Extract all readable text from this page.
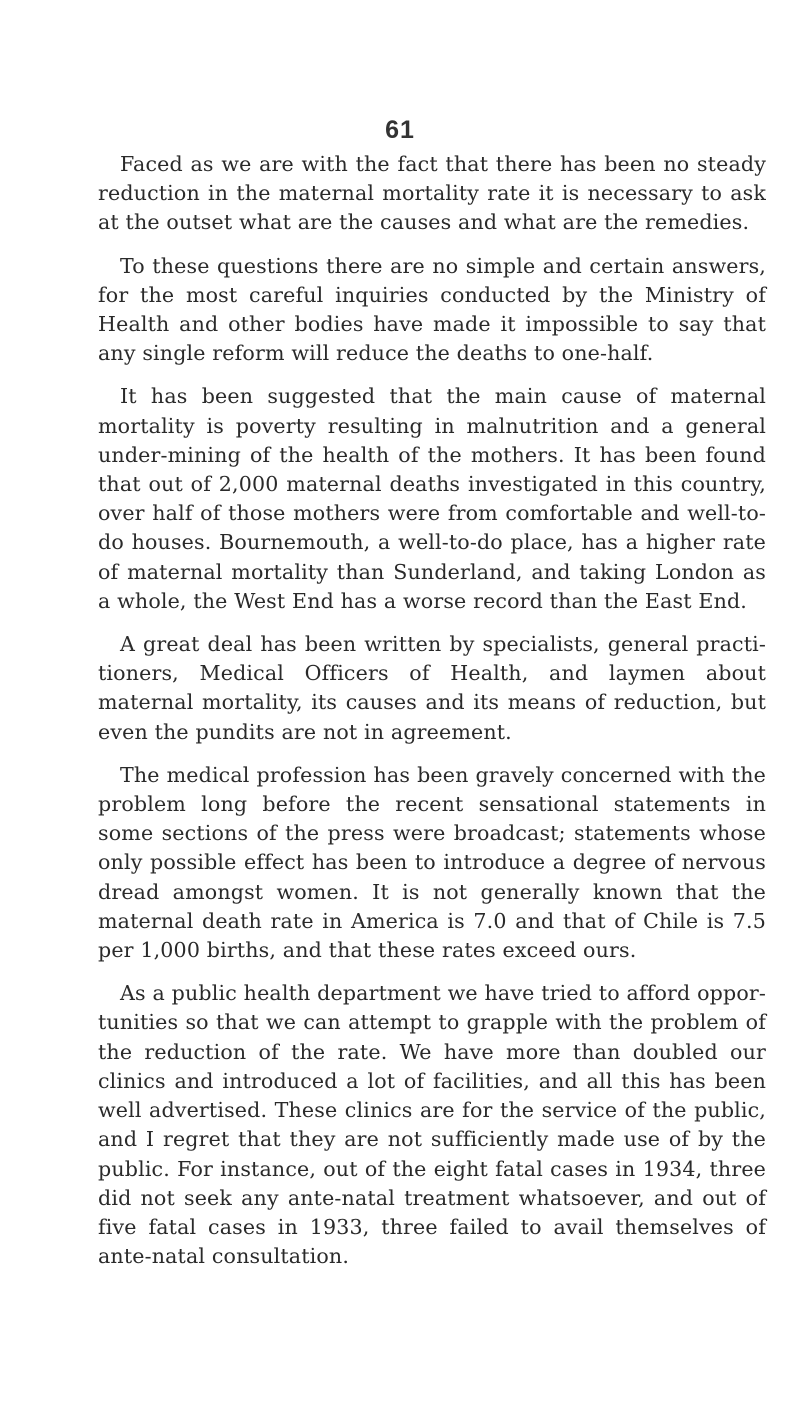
61

Faced as we are with the fact that there has been no steady reduction in the maternal mortality rate it is necessary to ask at the outset what are the causes and what are the remedies.

To these questions there are no simple and certain answers, for the most careful inquiries conducted by the Ministry of Health and other bodies have made it impossible to say that any single reform will reduce the deaths to one-half.

It has been suggested that the main cause of maternal mortality is poverty resulting in malnutrition and a general under-mining of the health of the mothers. It has been found that out of 2,000 maternal deaths investigated in this country, over half of those mothers were from comfortable and well-to-do houses. Bournemouth, a well-to-do place, has a higher rate of maternal mortality than Sunderland, and taking London as a whole, the West End has a worse record than the East End.

A great deal has been written by specialists, general practi-tioners, Medical Officers of Health, and laymen about maternal mortality, its causes and its means of reduction, but even the pundits are not in agreement.

The medical profession has been gravely concerned with the problem long before the recent sensational statements in some sections of the press were broadcast; statements whose only possible effect has been to introduce a degree of nervous dread amongst women. It is not generally known that the maternal death rate in America is 7.0 and that of Chile is 7.5 per 1,000 births, and that these rates exceed ours.

As a public health department we have tried to afford oppor-tunities so that we can attempt to grapple with the problem of the reduction of the rate. We have more than doubled our clinics and introduced a lot of facilities, and all this has been well advertised. These clinics are for the service of the public, and I regret that they are not sufficiently made use of by the public. For instance, out of the eight fatal cases in 1934, three did not seek any ante-natal treatment whatsoever, and out of five fatal cases in 1933, three failed to avail themselves of ante-natal consultation.
